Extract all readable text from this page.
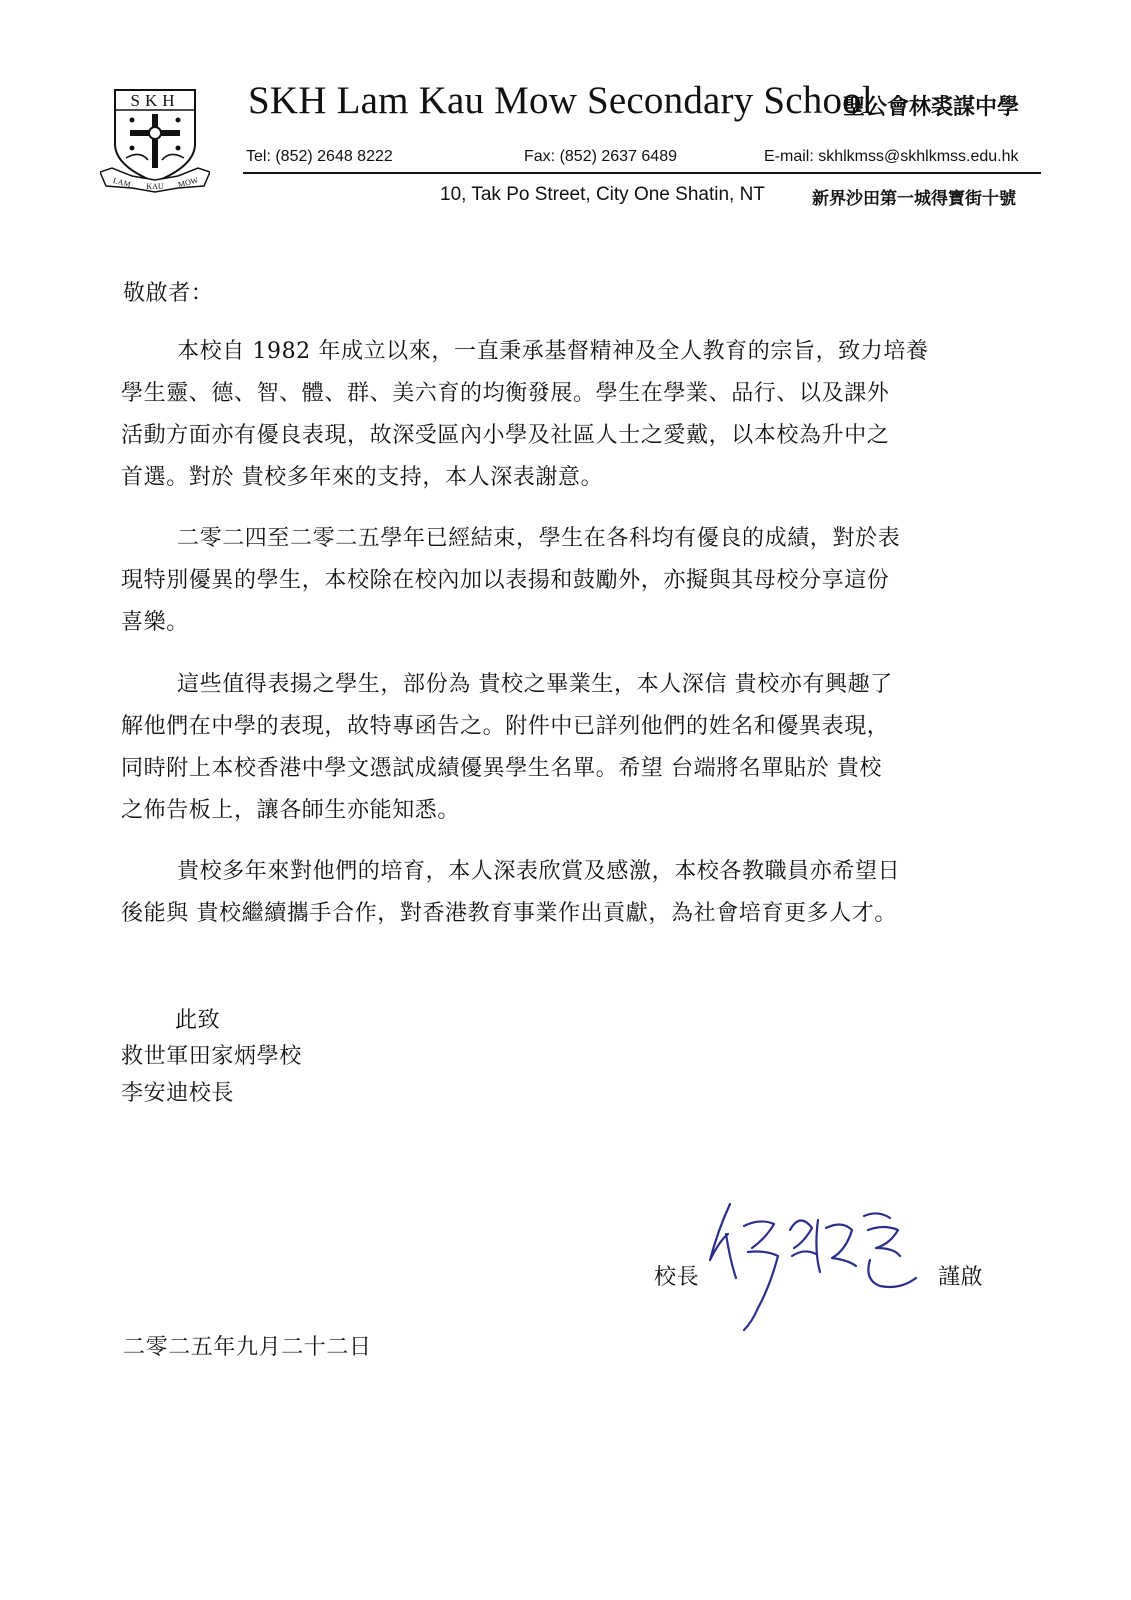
SKH
LAM KAU MOW
SKH Lam Kau Mow Secondary School
聖公會林裘謀中學
Tel: (852) 2648 8222	Fax: (852) 2637 6489	E-mail: skhlkmss@skhlkmss.edu.hk
10, Tak Po Street, City One Shatin, NT	新界沙田第一城得寶街十號
敬啟者：
本校自 1982 年成立以來，一直秉承基督精神及全人教育的宗旨，致力培養
學生靈、德、智、體、群、美六育的均衡發展。學生在學業、品行、以及課外
活動方面亦有優良表現，故深受區內小學及社區人士之愛戴，以本校為升中之
首選。對於 貴校多年來的支持，本人深表謝意。
二零二四至二零二五學年已經結束，學生在各科均有優良的成績，對於表
現特別優異的學生，本校除在校內加以表揚和鼓勵外，亦擬與其母校分享這份
喜樂。
這些值得表揚之學生，部份為 貴校之畢業生，本人深信 貴校亦有興趣了
解他們在中學的表現，故特專函告之。附件中已詳列他們的姓名和優異表現，
同時附上本校香港中學文憑試成績優異學生名單。希望 台端將名單貼於 貴校
之佈告板上，讓各師生亦能知悉。
貴校多年來對他們的培育，本人深表欣賞及感激，本校各教職員亦希望日
後能與 貴校繼續攜手合作，對香港教育事業作出貢獻，為社會培育更多人才。
此致
救世軍田家炳學校
李安迪校長
校長	謹啟
二零二五年九月二十二日
